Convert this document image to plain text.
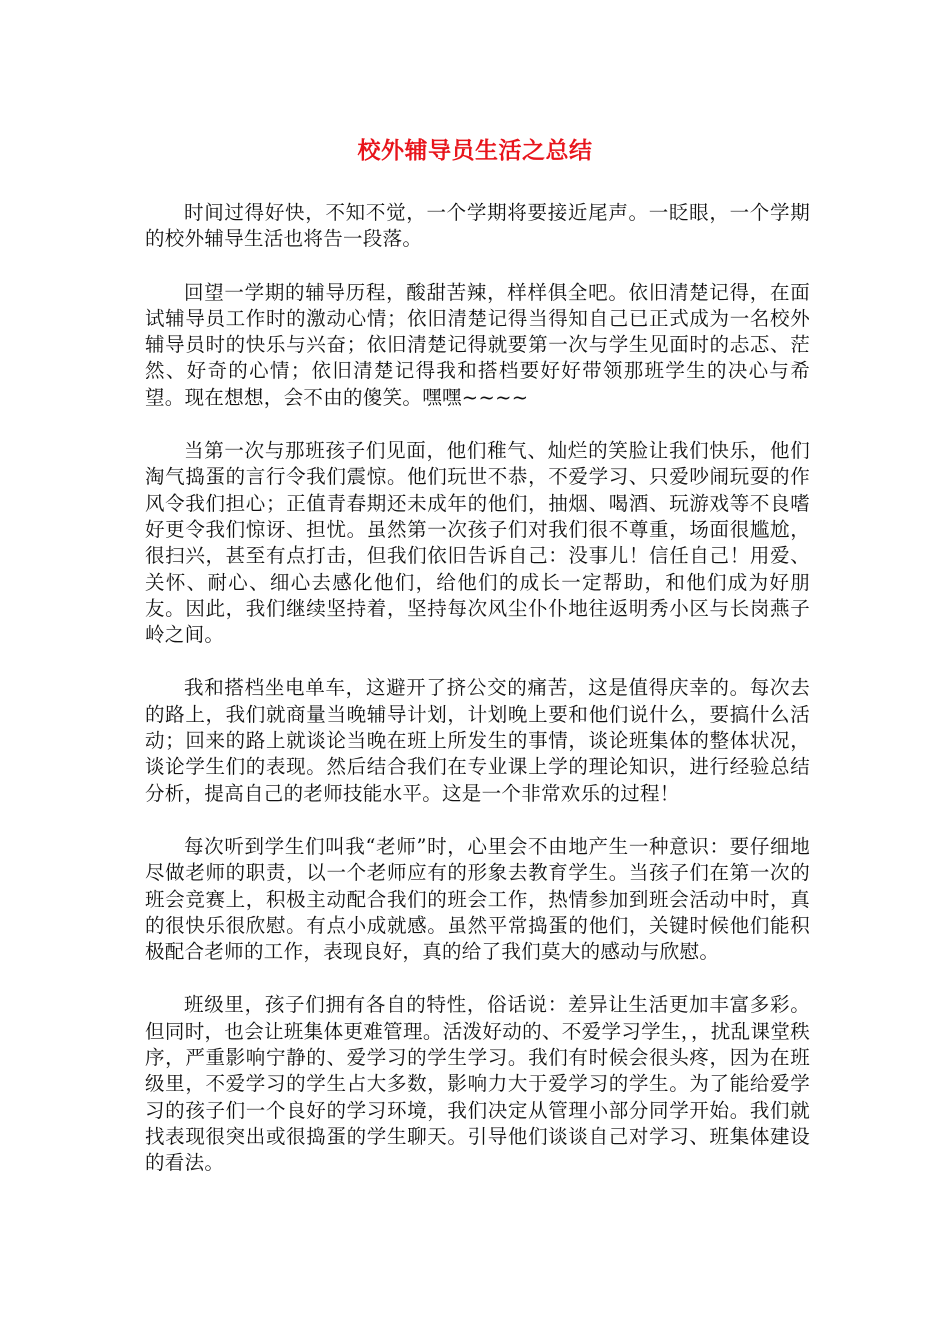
校外辅导员生活之总结

时间过得好快，不知不觉，一个学期将要接近尾声。一眨眼，一个学期的校外辅导生活也将告一段落。

回望一学期的辅导历程，酸甜苦辣，样样俱全吧。依旧清楚记得，在面试辅导员工作时的激动心情；依旧清楚记得当得知自己已正式成为一名校外辅导员时的快乐与兴奋；依旧清楚记得就要第一次与学生见面时的忐忑、茫然、好奇的心情；依旧清楚记得我和搭档要好好带领那班学生的决心与希望。现在想想，会不由的傻笑。嘿嘿~~~~

当第一次与那班孩子们见面，他们稚气、灿烂的笑脸让我们快乐，他们淘气捣蛋的言行令我们震惊。他们玩世不恭，不爱学习、只爱吵闹玩耍的作风令我们担心；正值青春期还未成年的他们，抽烟、喝酒、玩游戏等不良嗜好更令我们惊讶、担忧。虽然第一次孩子们对我们很不尊重，场面很尴尬，很扫兴，甚至有点打击，但我们依旧告诉自己：没事儿！信任自己！用爱、关怀、耐心、细心去感化他们，给他们的成长一定帮助，和他们成为好朋友。因此，我们继续坚持着，坚持每次风尘仆仆地往返明秀小区与长岗燕子岭之间。

我和搭档坐电单车，这避开了挤公交的痛苦，这是值得庆幸的。每次去的路上，我们就商量当晚辅导计划，计划晚上要和他们说什么，要搞什么活动；回来的路上就谈论当晚在班上所发生的事情，谈论班集体的整体状况，谈论学生们的表现。然后结合我们在专业课上学的理论知识，进行经验总结分析，提高自己的老师技能水平。这是一个非常欢乐的过程！

每次听到学生们叫我“老师”时，心里会不由地产生一种意识：要仔细地尽做老师的职责，以一个老师应有的形象去教育学生。当孩子们在第一次的班会竞赛上，积极主动配合我们的班会工作，热情参加到班会活动中时，真的很快乐很欣慰。有点小成就感。虽然平常捣蛋的他们，关键时候他们能积极配合老师的工作，表现良好，真的给了我们莫大的感动与欣慰。

班级里，孩子们拥有各自的特性，俗话说：差异让生活更加丰富多彩。但同时，也会让班集体更难管理。活泼好动的、不爱学习学生，，扰乱课堂秩序，严重影响宁静的、爱学习的学生学习。我们有时候会很头疼，因为在班级里，不爱学习的学生占大多数，影响力大于爱学习的学生。为了能给爱学习的孩子们一个良好的学习环境，我们决定从管理小部分同学开始。我们就找表现很突出或很捣蛋的学生聊天。引导他们谈谈自己对学习、班集体建设的看法。
